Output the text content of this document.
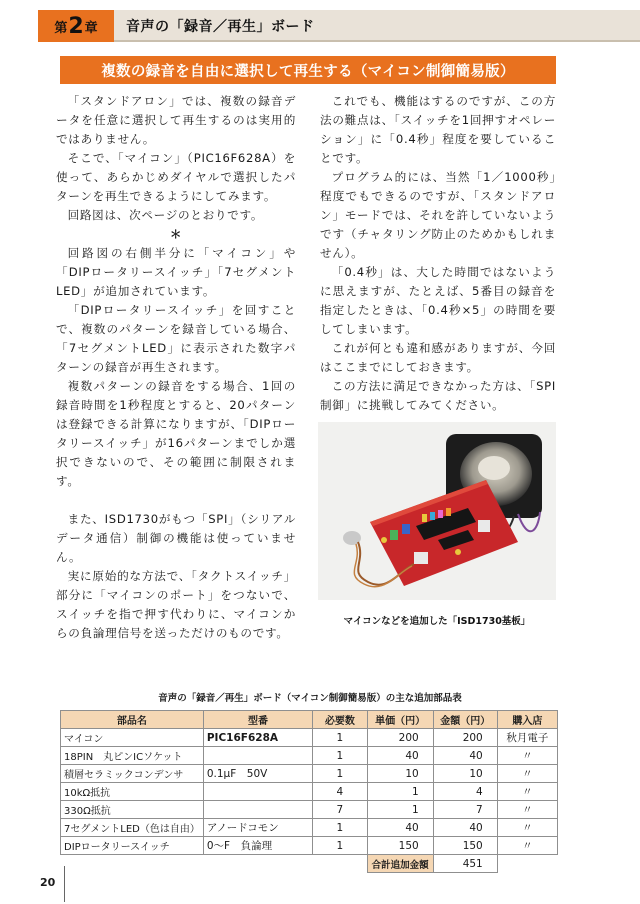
第 2 章 音声の「録音／再生」ボード
複数の録音を自由に選択して再生する（マイコン制御簡易版）

「スタンドアロン」では、複数の録音データを任意に選択して再生するのは実用的ではありません。

そこで、「マイコン」（PIC16F628A）を使って、あらかじめダイヤルで選択したパターンを再生できるようにしてみます。

回路図は、次ページのとおりです。

＊

回路図の右側半分に「マイコン」や「DIPロータリースイッチ」「7セグメントLED」が追加されています。

「DIPロータリースイッチ」を回すことで、複数のパターンを録音している場合、「7セグメントLED」に表示された数字パターンの録音が再生されます。

複数パターンの録音をする場合、1回の録音時間を1秒程度とすると、20パターンは登録できる計算になりますが、「DIPロータリースイッチ」が16パターンまでしか選択できないので、その範囲に制限されます。

また、ISD1730がもつ「SPI」（シリアルデータ通信）制御の機能は使っていません。

実に原始的な方法で、「タクトスイッチ」部分に「マイコンのポート」をつないで、スイッチを指で押す代わりに、マイコンからの負論理信号を送っただけのものです。

これでも、機能はするのですが、この方法の難点は、「スイッチを1回押すオペレーション」に「0.4秒」程度を要していることです。

プログラム的には、当然「1／1000秒」程度でもできるのですが、「スタンドアロン」モードでは、それを許していないようです（チャタリング防止のためかもしれません）。

「0.4秒」は、大した時間ではないように思えますが、たとえば、5番目の録音を指定したときは、「0.4秒×5」の時間を要してしまいます。

これが何とも違和感がありますが、今回はここまでにしておきます。

この方法に満足できなかった方は、「SPI制御」に挑戦してみてください。

マイコンなどを追加した「ISD1730基板」
音声の「録音／再生」ボード（マイコン制御簡易版）の主な追加部品表
部品名	型番	必要数	単価（円）	金額（円）	購入店
マイコン	PIC16F628A	1	200	200	秋月電子
18PIN　丸ピンICソケット		1	40	40	〃
積層セラミックコンデンサ	0.1μF　50V	1	10	10	〃
10kΩ抵抗		4	1	4	〃
330Ω抵抗		7	1	7	〃
7セグメントLED（色は自由）	アノードコモン	1	40	40	〃
DIPロータリースイッチ	0～F　負論理	1	150	150	〃
			合計追加金額	451	
20
